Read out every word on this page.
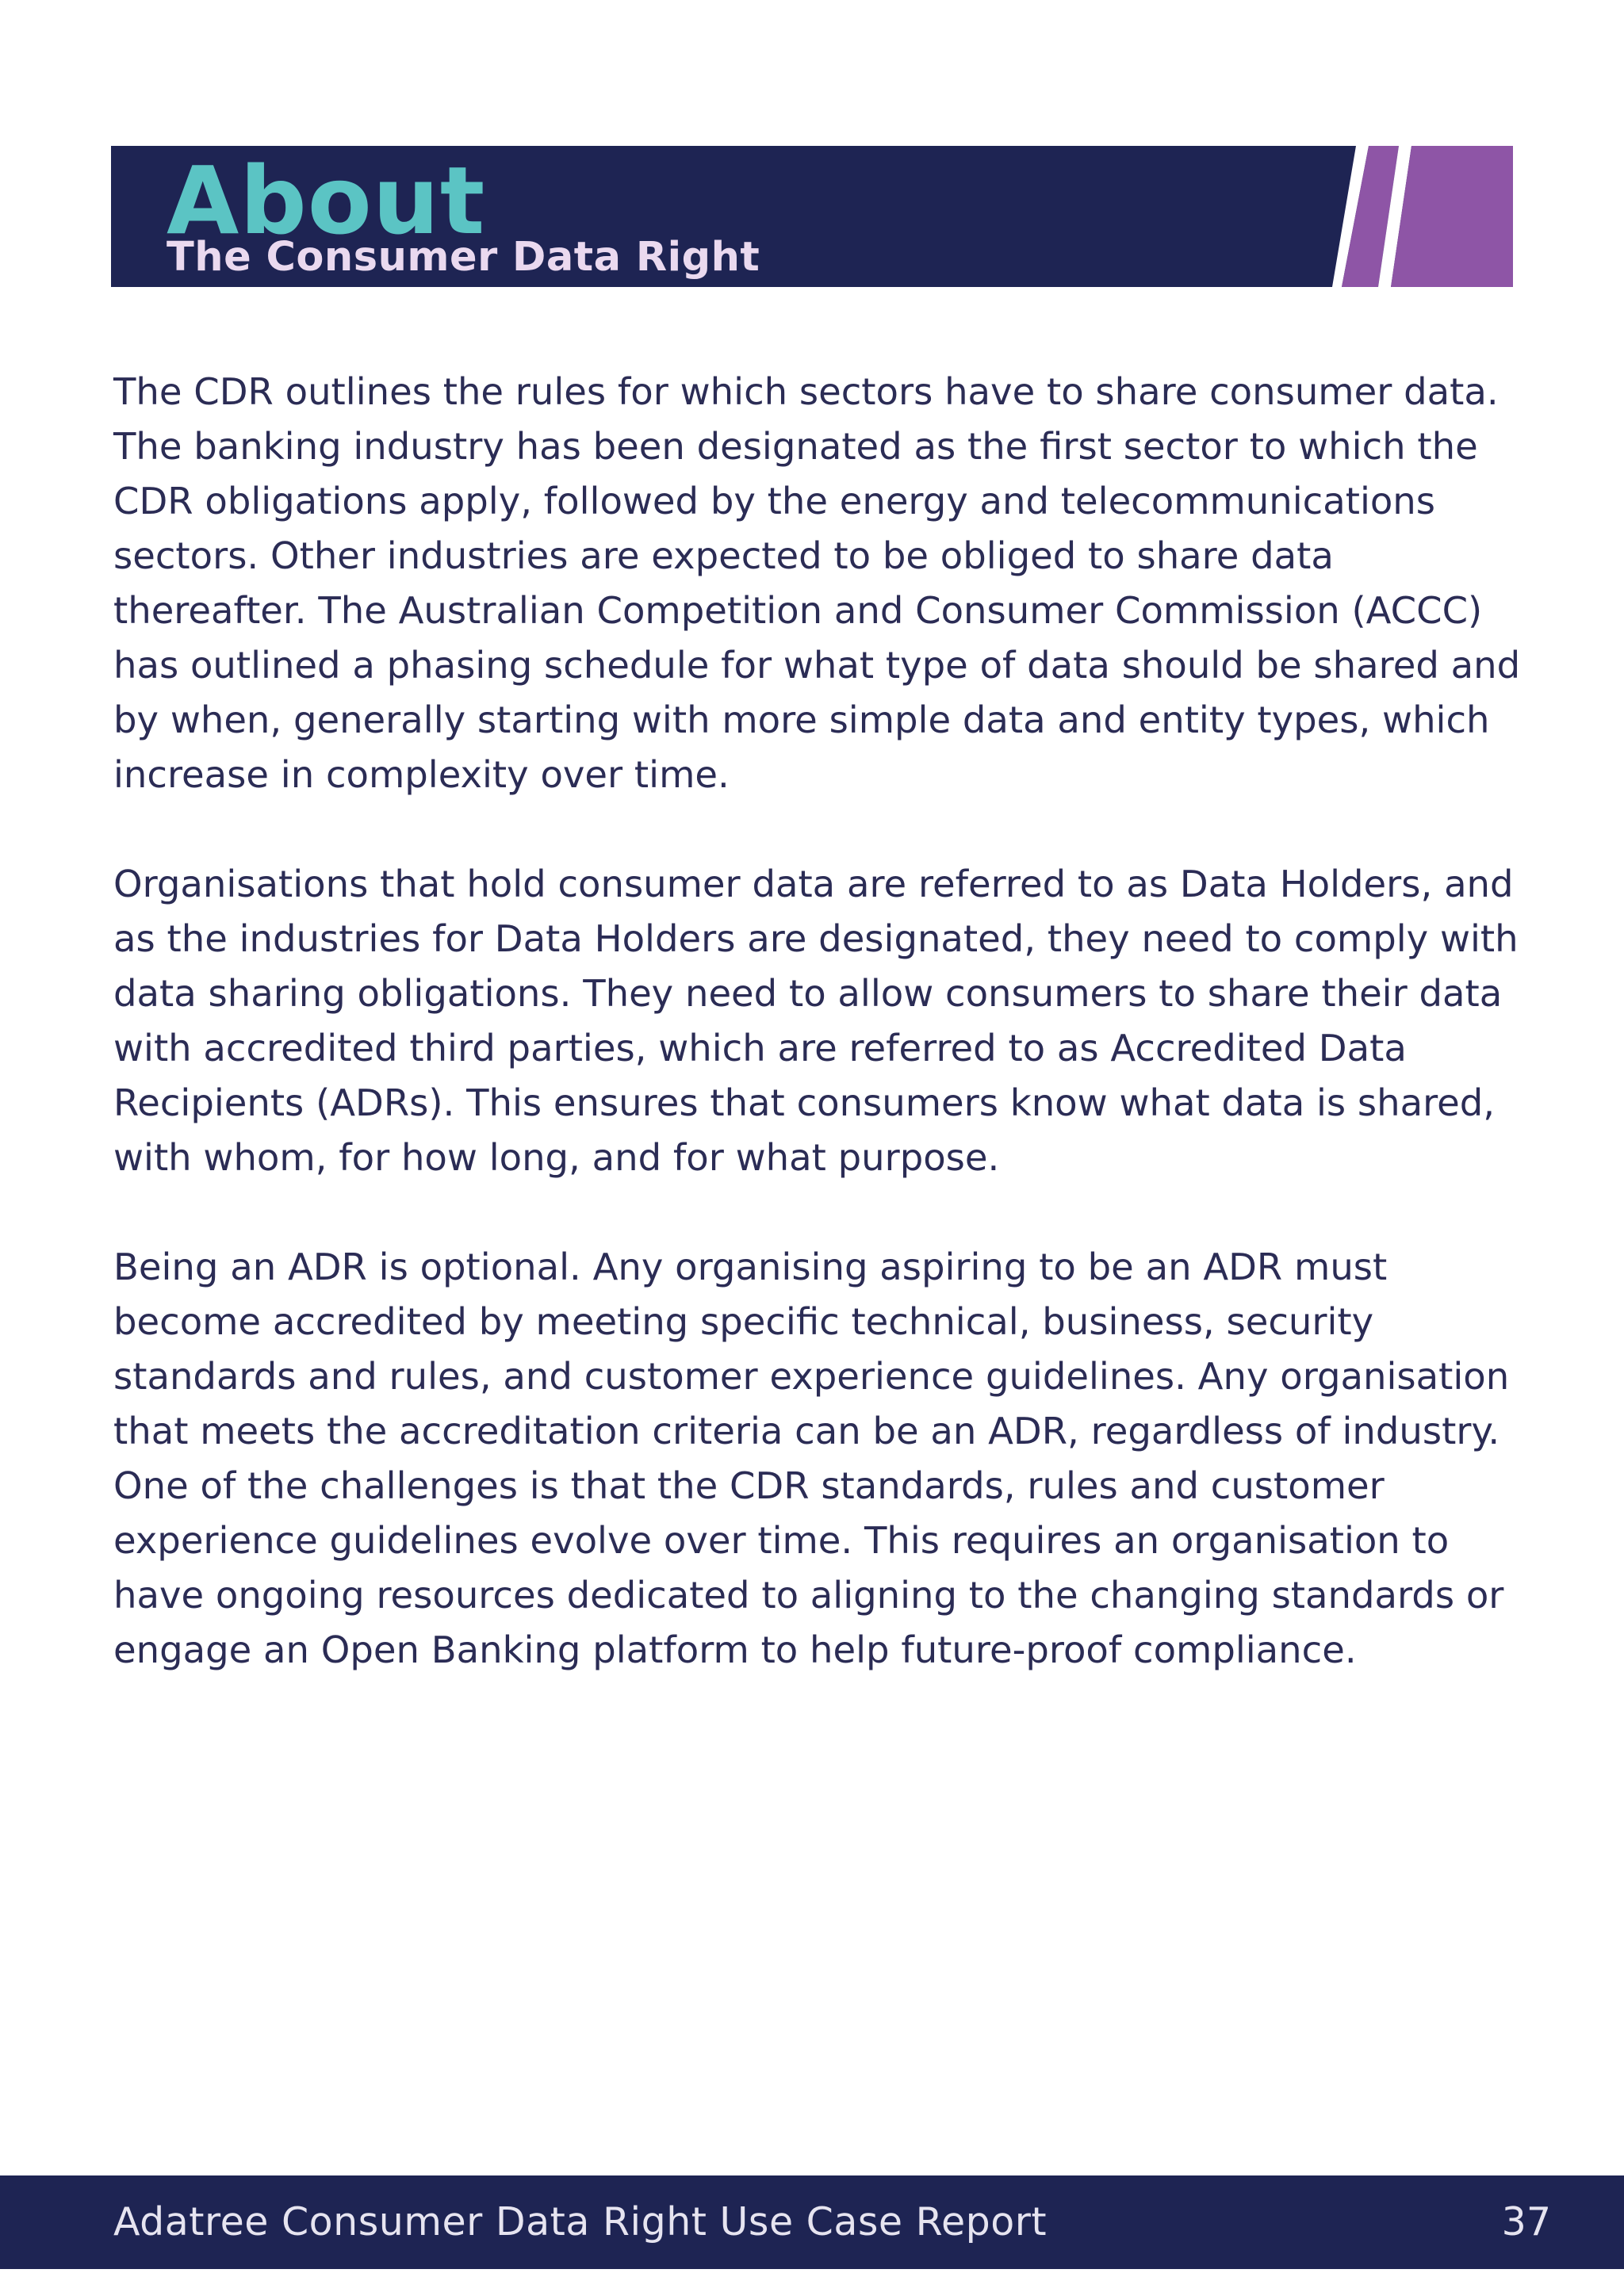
About
The Consumer Data Right

The CDR outlines the rules for which sectors have to share consumer data. The banking industry has been designated as the first sector to which the CDR obligations apply, followed by the energy and telecommunications sectors. Other industries are expected to be obliged to share data thereafter. The Australian Competition and Consumer Commission (ACCC) has outlined a phasing schedule for what type of data should be shared and by when, generally starting with more simple data and entity types, which increase in complexity over time.

Organisations that hold consumer data are referred to as Data Holders, and as the industries for Data Holders are designated, they need to comply with data sharing obligations. They need to allow consumers to share their data with accredited third parties, which are referred to as Accredited Data Recipients (ADRs). This ensures that consumers know what data is shared, with whom, for how long, and for what purpose.

Being an ADR is optional. Any organising aspiring to be an ADR must become accredited by meeting specific technical, business, security standards and rules, and customer experience guidelines. Any organisation that meets the accreditation criteria can be an ADR, regardless of industry. One of the challenges is that the CDR standards, rules and customer experience guidelines evolve over time. This requires an organisation to have ongoing resources dedicated to aligning to the changing standards or engage an Open Banking platform to help future-proof compliance.

Adatree Consumer Data Right Use Case Report	37
